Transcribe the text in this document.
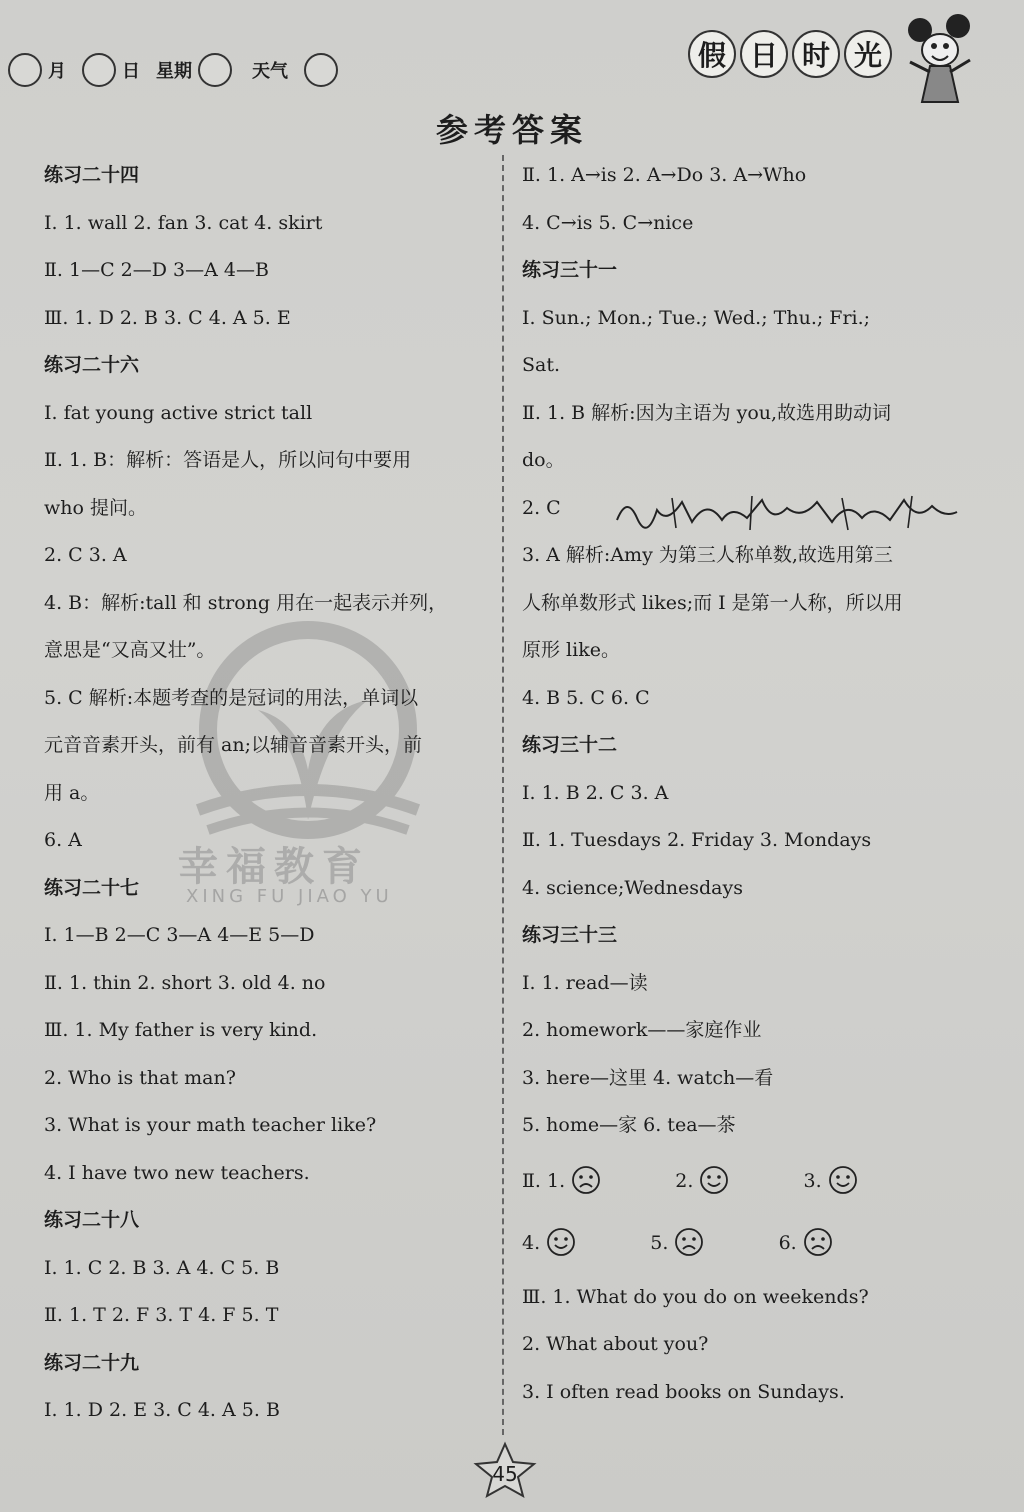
月	日 星期	天气	假 日 时 光
参考答案
幸福教育
XING FU JIAO YU
练习二十四
Ⅰ. 1. wall 2. fan 3. cat 4. skirt
Ⅱ. 1—C 2—D 3—A 4—B
Ⅲ. 1. D 2. B 3. C 4. A 5. E
练习二十六
Ⅰ. fat young active strict tall
Ⅱ. 1. B：解析：答语是人，所以问句中要用
who 提问。
2. C 3. A
4. B：解析:tall 和 strong 用在一起表示并列，
意思是“又高又壮”。
5. C 解析:本题考查的是冠词的用法，单词以
元音音素开头，前有 an;以辅音音素开头，前
用 a。
6. A
练习二十七
Ⅰ. 1—B 2—C 3—A 4—E 5—D
Ⅱ. 1. thin 2. short 3. old 4. no
Ⅲ. 1. My father is very kind.
2. Who is that man?
3. What is your math teacher like?
4. I have two new teachers.
练习二十八
Ⅰ. 1. C 2. B 3. A 4. C 5. B
Ⅱ. 1. T 2. F 3. T 4. F 5. T
练习二十九
Ⅰ. 1. D 2. E 3. C 4. A 5. B
Ⅱ. 1. A→is 2. A→Do 3. A→Who
4. C→is 5. C→nice
练习三十一
Ⅰ. Sun.; Mon.; Tue.; Wed.; Thu.; Fri.;
Sat.
Ⅱ. 1. B 解析:因为主语为 you,故选用助动词
do。
2. C
3. A 解析:Amy 为第三人称单数,故选用第三
人称单数形式 likes;而 I 是第一人称，所以用
原形 like。
4. B 5. C 6. C
练习三十二
Ⅰ. 1. B 2. C 3. A
Ⅱ. 1. Tuesdays 2. Friday 3. Mondays
4. science;Wednesdays
练习三十三
Ⅰ. 1. read—读
2. homework——家庭作业
3. here—这里 4. watch—看
5. home—家 6. tea—茶
Ⅱ. 1.	2.	3.
4.	5.	6.
Ⅲ. 1. What do you do on weekends?
2. What about you?
3. I often read books on Sundays.
45
